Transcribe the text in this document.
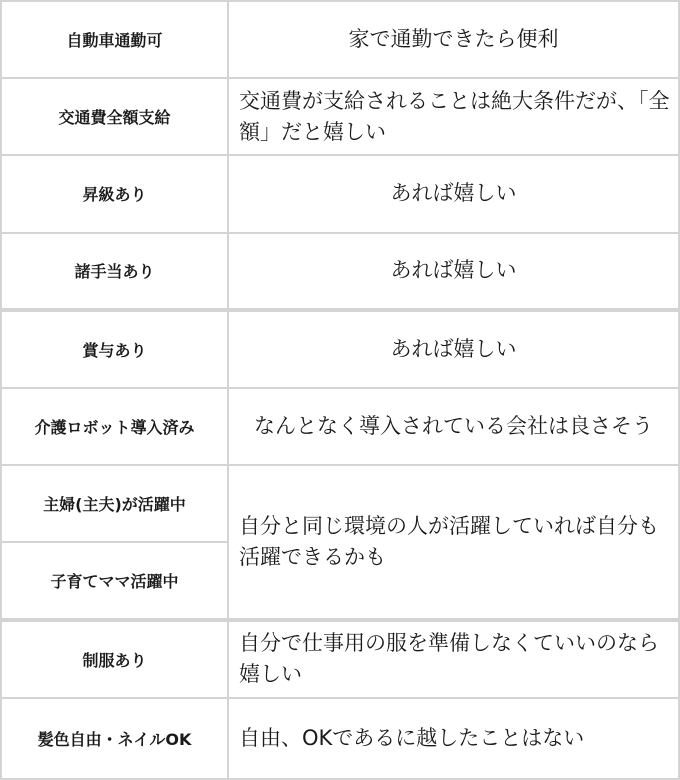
自動車通勤可	家で通勤できたら便利
交通費全額支給	交通費が支給されることは絶大条件だが、「全額」だと嬉しい
昇級あり	あれば嬉しい
諸手当あり	あれば嬉しい
賞与あり	あれば嬉しい
介護ロボット導入済み	なんとなく導入されている会社は良さそう
主婦(主夫)が活躍中	自分と同じ環境の人が活躍していれば自分も活躍できるかも
子育てママ活躍中	
制服あり	自分で仕事用の服を準備しなくていいのなら嬉しい
髪色自由・ネイルOK	自由、OKであるに越したことはない
